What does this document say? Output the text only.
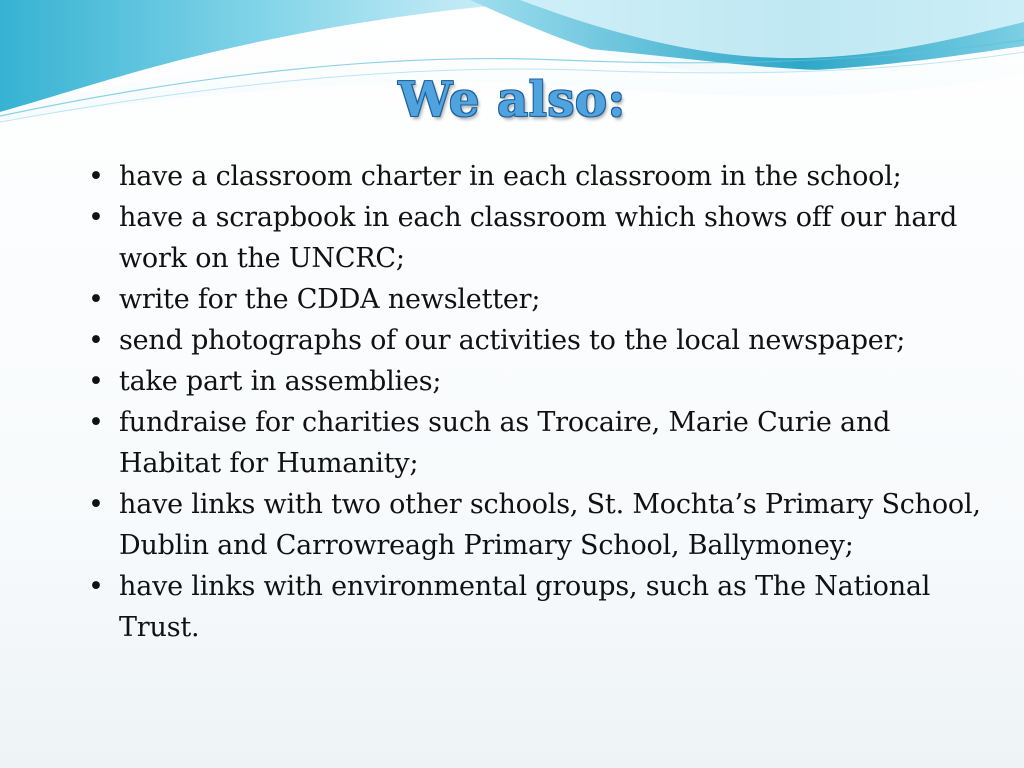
We also:
• have a classroom charter in each classroom in the school;
• have a scrapbook in each classroom which shows off our hard work on the UNCRC;
• write for the CDDA newsletter;
• send photographs of our activities to the local newspaper;
• take part in assemblies;
• fundraise for charities such as Trocaire, Marie Curie and Habitat for Humanity;
• have links with two other schools, St. Mochta’s Primary School, Dublin and Carrowreagh Primary School, Ballymoney;
• have links with environmental groups, such as The National Trust.
